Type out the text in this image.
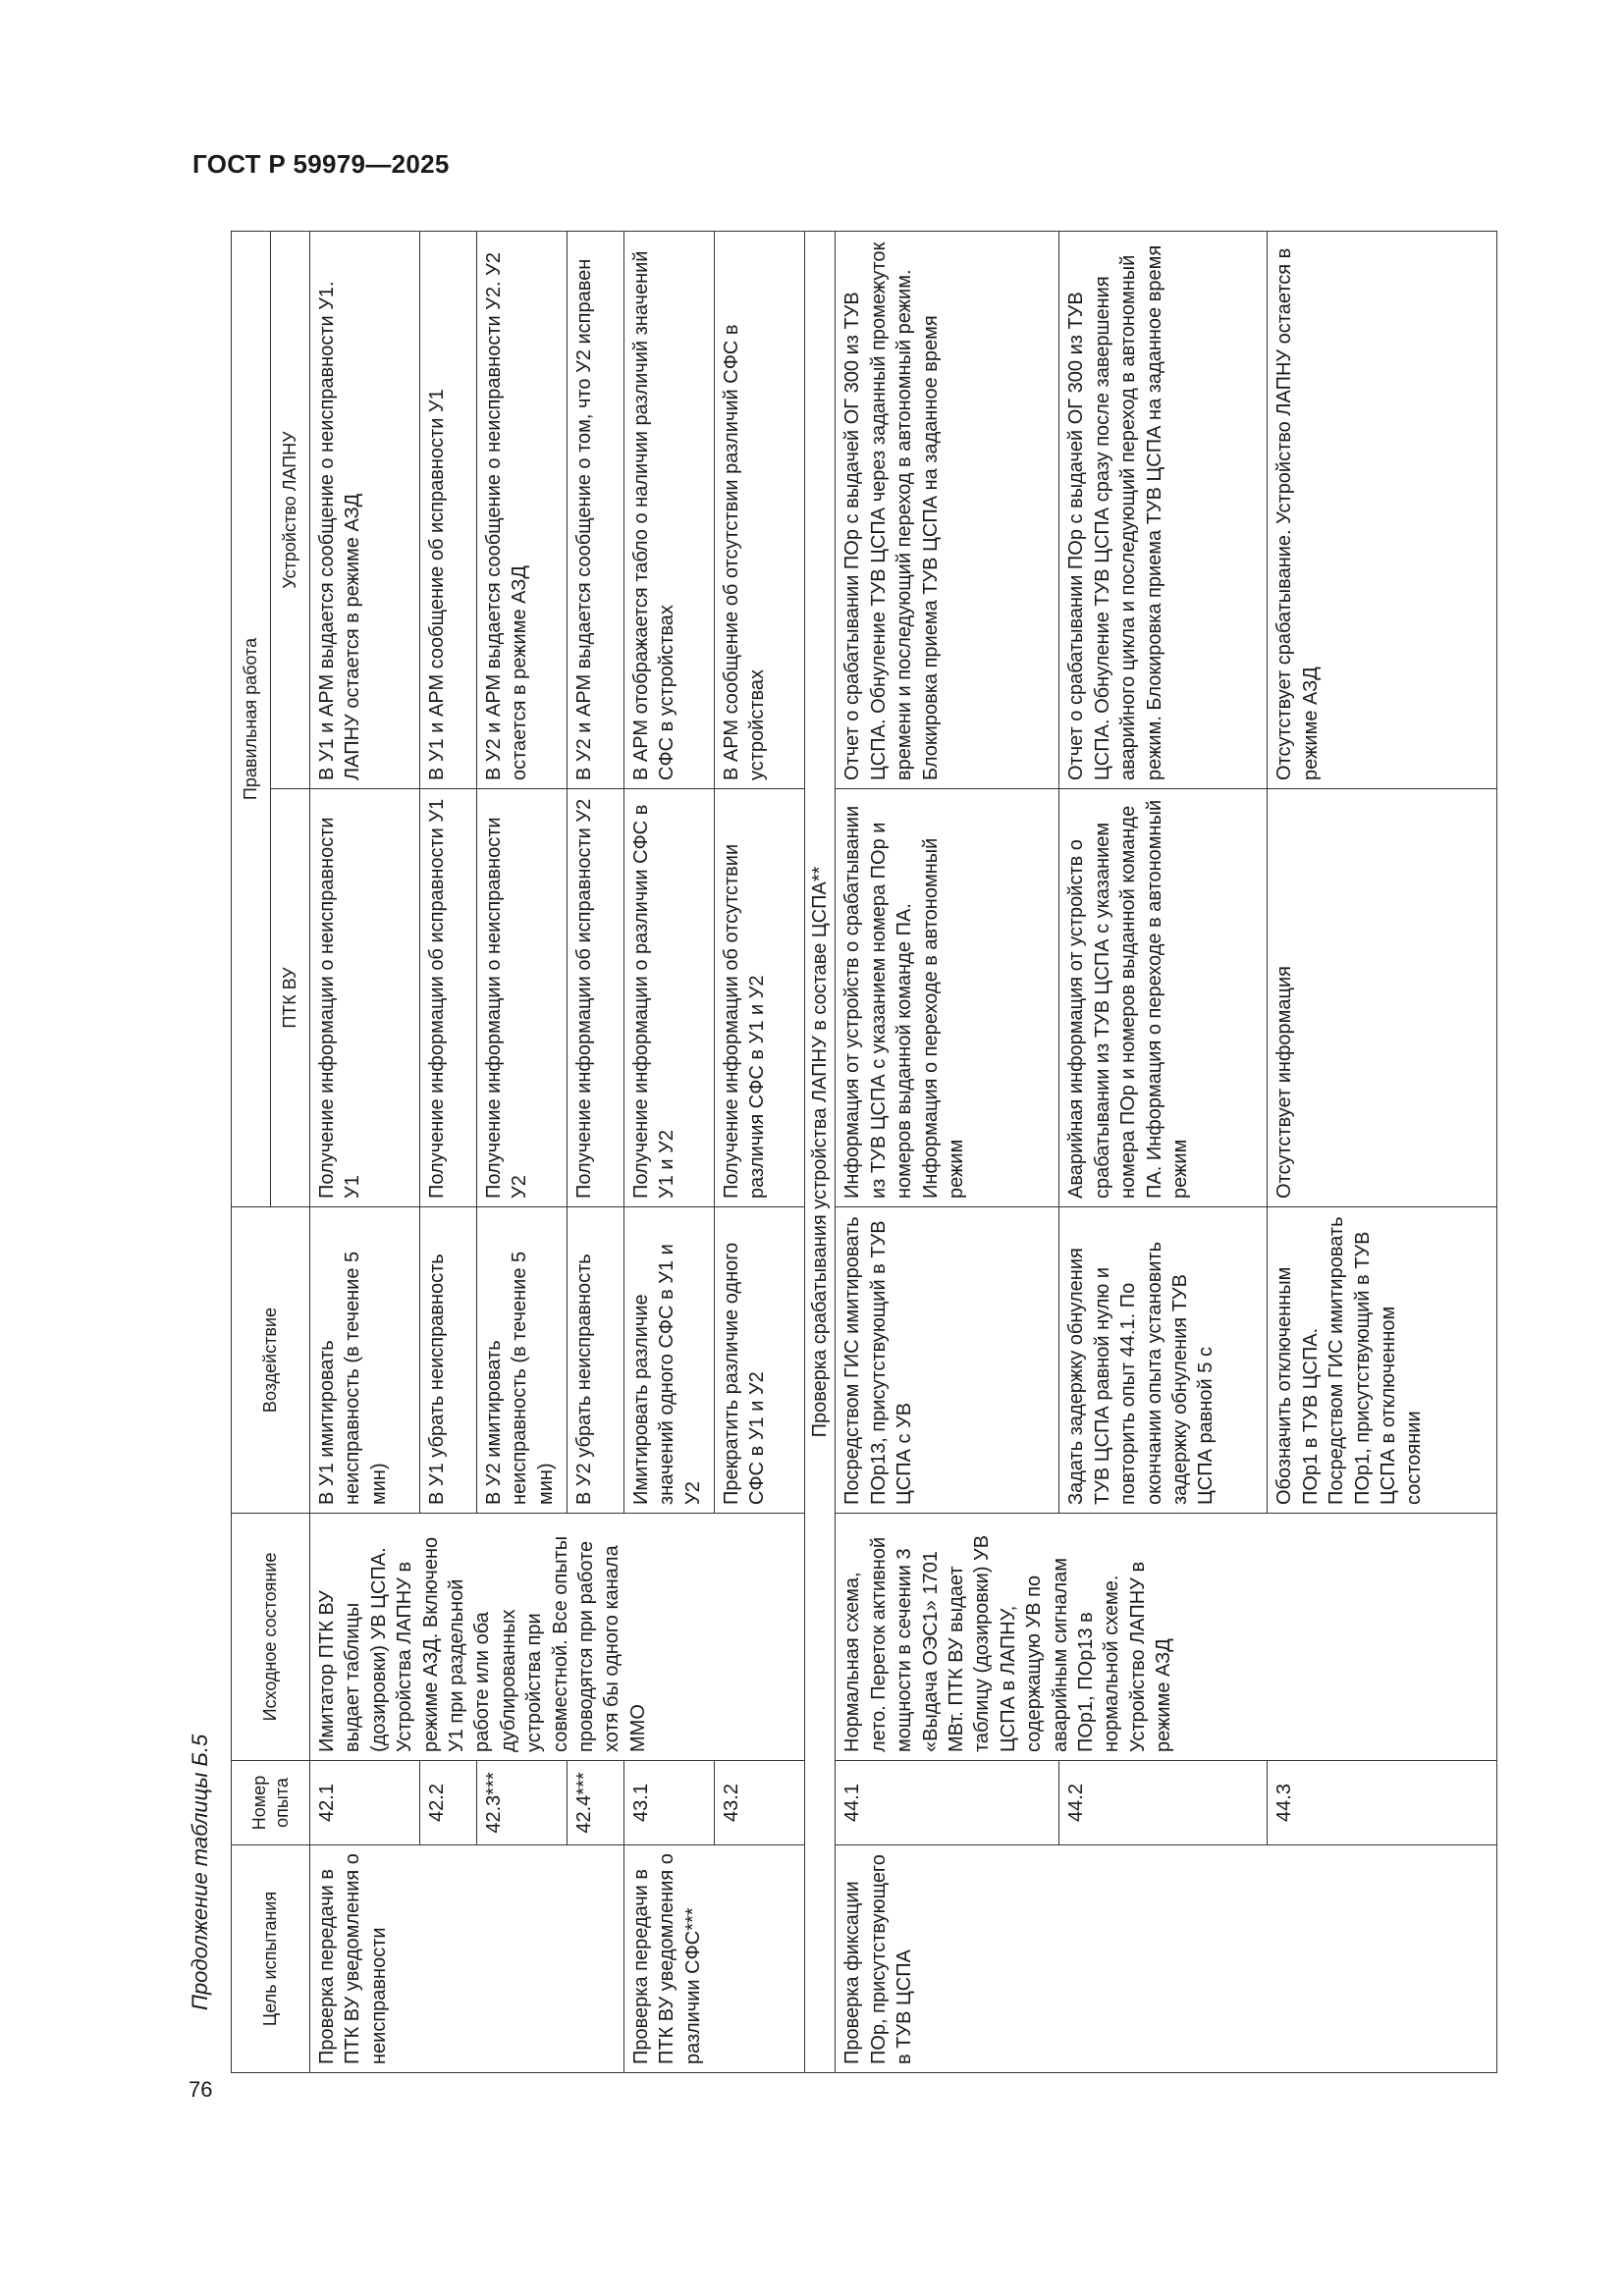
ГОСТ Р 59979—2025
Продолжение таблицы Б.5
76
Цель испытания	Номер опыта	Исходное состояние	Воздействие	Правильная работа	
				ПТК ВУ	Устройство ЛАПНУ
Проверка передачи в ПТК ВУ уведомления о неисправности	42.1	Имитатор ПТК ВУ выдает таблицы (дозировки) УВ ЦСПА. Устройства ЛАПНУ в режиме АЗД. Включено У1 при раздельной работе или оба дублированных устройства при совместной. Все опыты проводятся при работе хотя бы одного канала ММО	В У1 имитировать неисправность (в течение 5 мин)	Получение информации о неисправности У1	В У1 и АРМ выдается сообщение о неисправности У1. ЛАПНУ остается в режиме АЗД
	42.2		В У1 убрать неисправность	Получение информации об исправности У1	В У1 и АРМ сообщение об исправности У1
	42.3***		В У2 имитировать неисправность (в течение 5 мин)	Получение информации о неисправности У2	В У2 и АРМ выдается сообщение о неисправности У2. У2 остается в режиме АЗД
	42.4***		В У2 убрать неисправность	Получение информации об исправности У2	В У2 и АРМ выдается сообщение о том, что У2 исправен
Проверка передачи в ПТК ВУ уведомления о различии СФС***	43.1		Имитировать различие значений одного СФС в У1 и У2	Получение информации о различии СФС в У1 и У2	В АРМ отображается табло о наличии различий значений СФС в устройствах
	43.2		Прекратить различие одного СФС в У1 и У2	Получение информации об отсутствии различия СФС в У1 и У2	В АРМ сообщение об отсутствии различий СФС в устройствах
Проверка срабатывания устройства ЛАПНУ в составе ЦСПА**					
Проверка фиксации ПОр, присутствующего в ТУВ ЦСПА	44.1	Нормальная схема, лето. Переток активной мощности в сечении 3 «Выдача ОЭС1» 1701 МВт. ПТК ВУ выдает таблицу (дозировки) УВ ЦСПА в ЛАПНУ, содержащую УВ по аварийным сигналам ПОр1, ПОр13 в нормальной схеме. Устройство ЛАПНУ в режиме АЗД	Посредством ГИС имитировать ПОр13, присутствующий в ТУВ ЦСПА с УВ	Информация от устройств о срабатывании из ТУВ ЦСПА с указанием номера ПОр и номеров выданной команде ПА. Информация о переходе в автономный режим	Отчет о срабатывании ПОр с выдачей ОГ 300 из ТУВ ЦСПА. Обнуление ТУВ ЦСПА через заданный промежуток времени и последующий переход в автономный режим. Блокировка приема ТУВ ЦСПА на заданное время
	44.2		Задать задержку обнуления ТУВ ЦСПА равной нулю и повторить опыт 44.1. По окончании опыта установить задержку обнуления ТУВ ЦСПА равной 5 с	Аварийная информация от устройств о срабатывании из ТУВ ЦСПА с указанием номера ПОр и номеров выданной команде ПА. Информация о переходе в автономный режим	Отчет о срабатывании ПОр с выдачей ОГ 300 из ТУВ ЦСПА. Обнуление ТУВ ЦСПА сразу после завершения аварийного цикла и последующий переход в автономный режим. Блокировка приема ТУВ ЦСПА на заданное время
	44.3		Обозначить отключенным ПОр1 в ТУВ ЦСПА. Посредством ГИС имитировать ПОр1, присутствующий в ТУВ ЦСПА в отключенном состоянии	Отсутствует информация	Отсутствует срабатывание. Устройство ЛАПНУ остается в режиме АЗД
